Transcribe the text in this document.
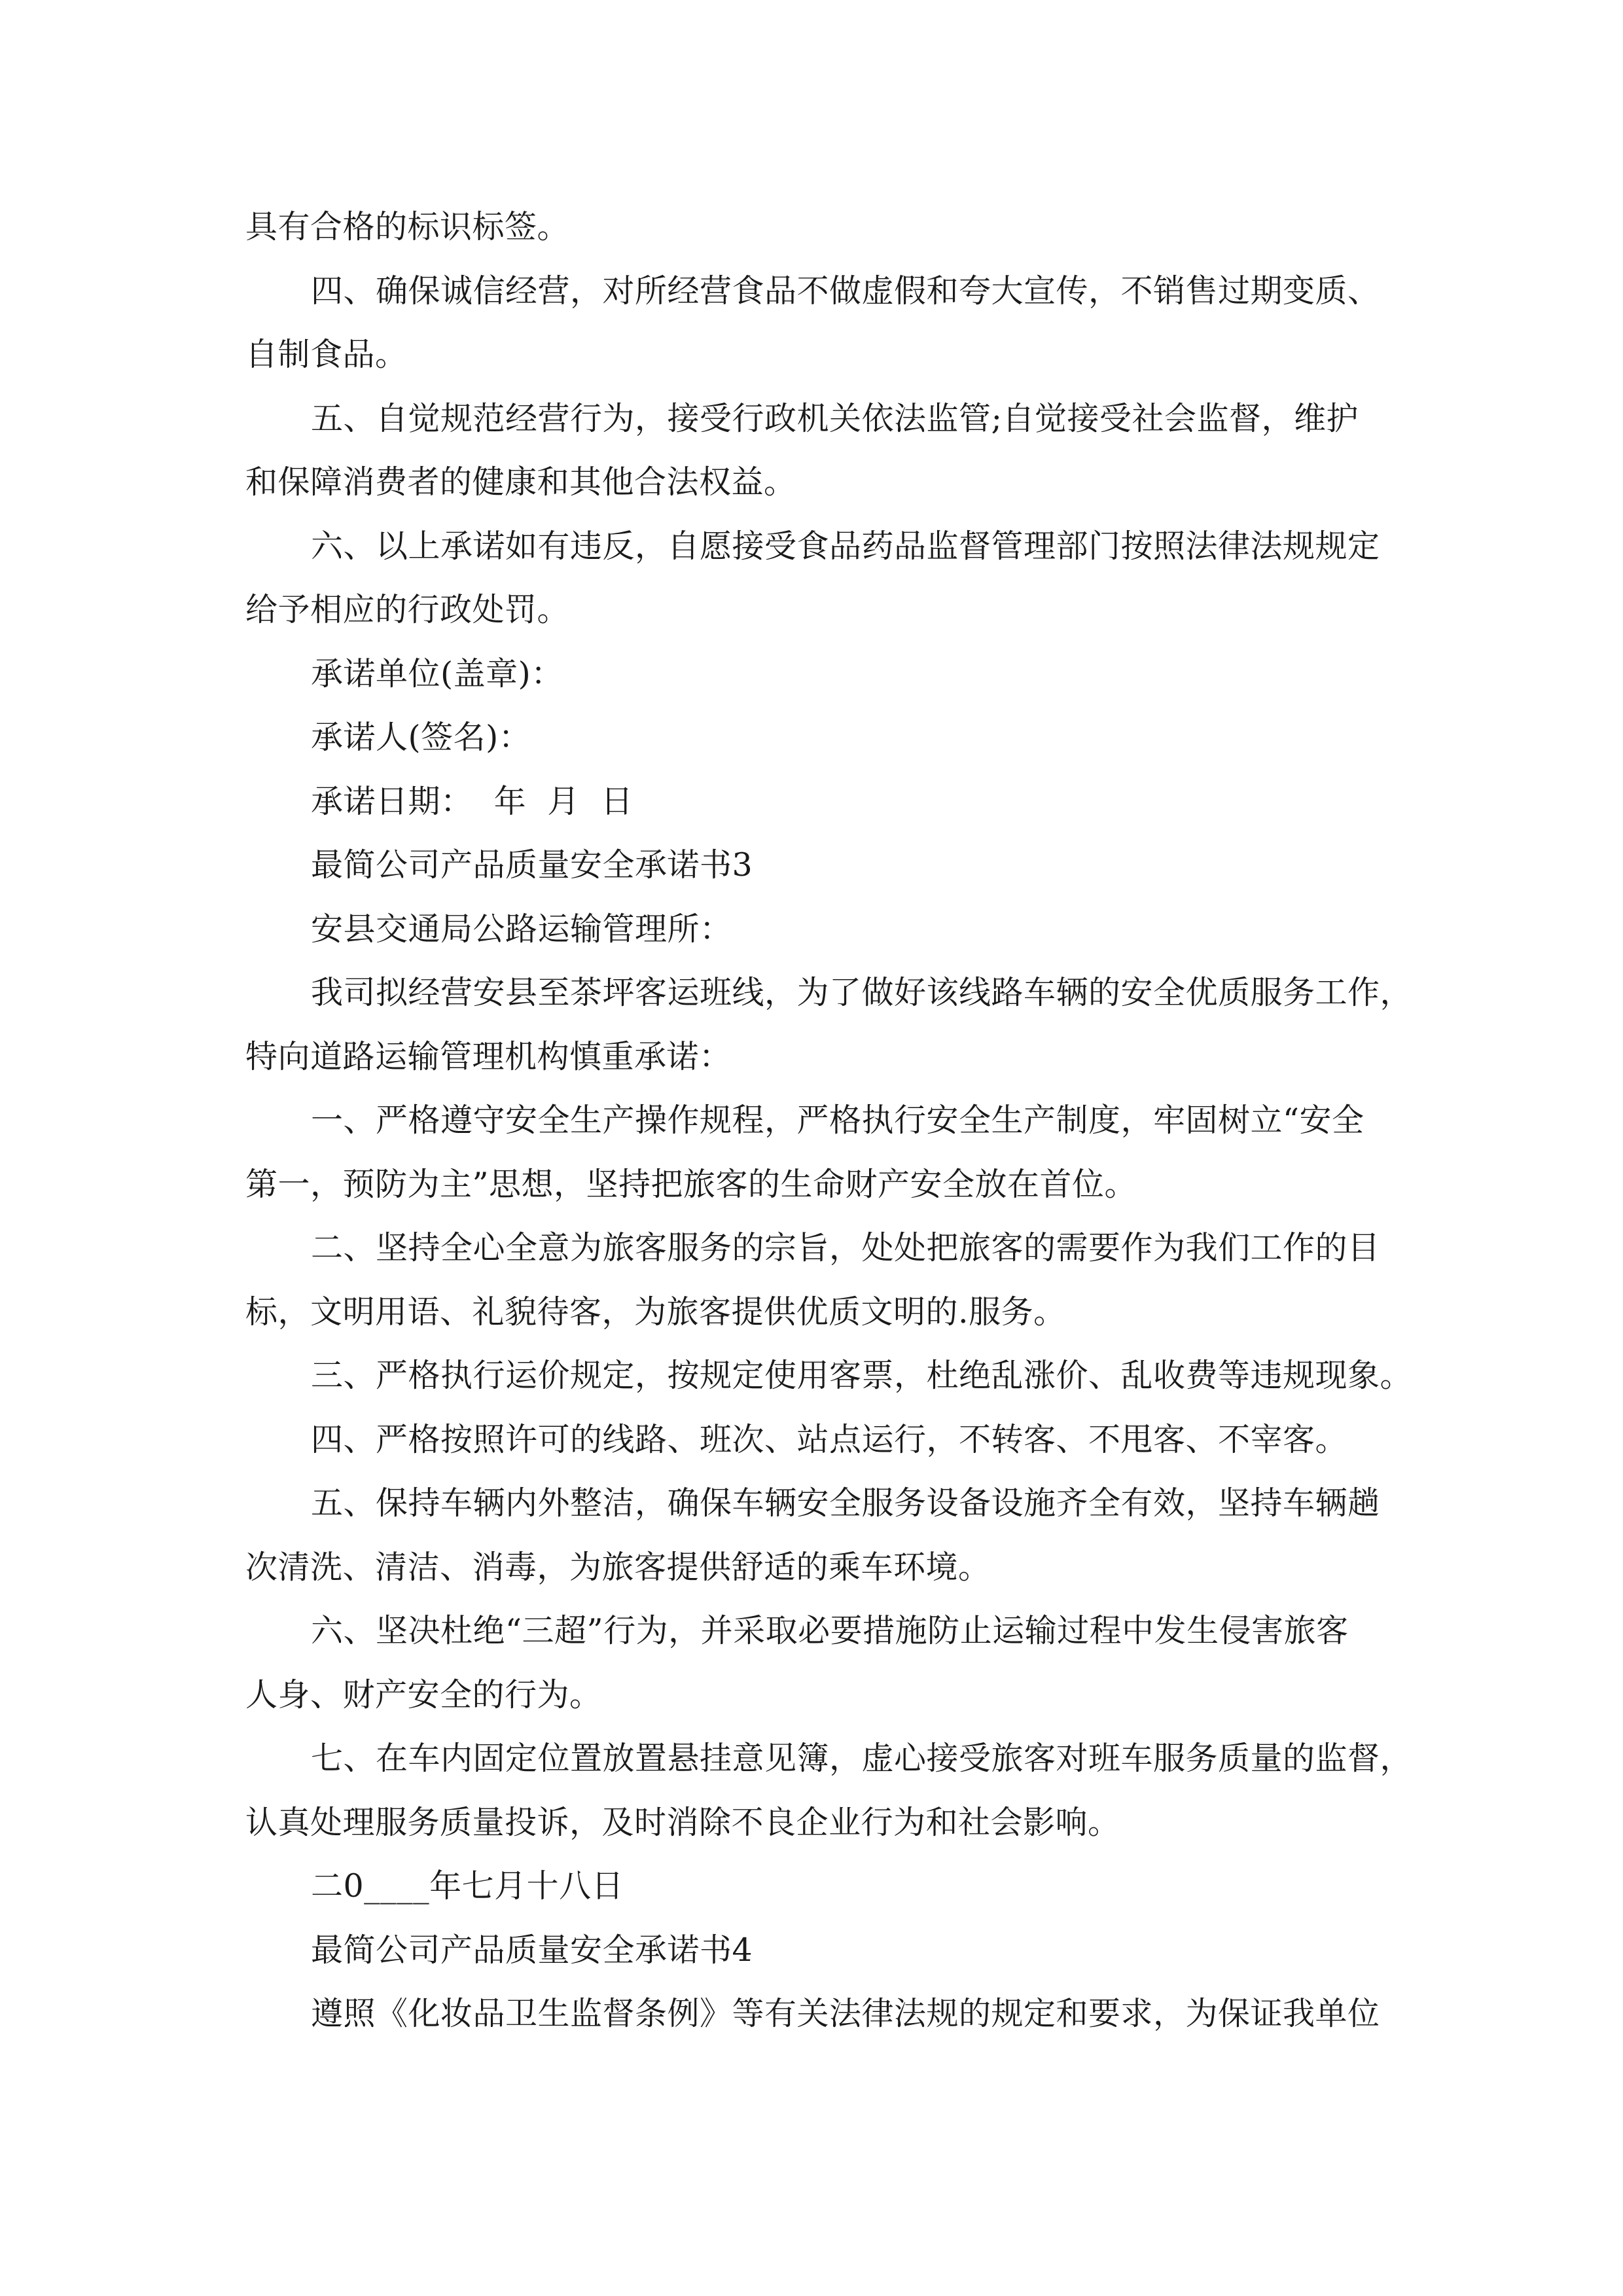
具有合格的标识标签。
四、确保诚信经营，对所经营食品不做虚假和夸大宣传，不销售过期变质、
自制食品。
五、自觉规范经营行为，接受行政机关依法监管;自觉接受社会监督，维护
和保障消费者的健康和其他合法权益。
六、以上承诺如有违反，自愿接受食品药品监督管理部门按照法律法规规定
给予相应的行政处罚。
承诺单位(盖章)：
承诺人(签名)：
承诺日期：  年  月  日
最简公司产品质量安全承诺书3
安县交通局公路运输管理所：
我司拟经营安县至茶坪客运班线，为了做好该线路车辆的安全优质服务工作，
特向道路运输管理机构慎重承诺：
一、严格遵守安全生产操作规程，严格执行安全生产制度，牢固树立“安全
第一，预防为主”思想，坚持把旅客的生命财产安全放在首位。
二、坚持全心全意为旅客服务的宗旨，处处把旅客的需要作为我们工作的目
标，文明用语、礼貌待客，为旅客提供优质文明的.服务。
三、严格执行运价规定，按规定使用客票，杜绝乱涨价、乱收费等违规现象。
四、严格按照许可的线路、班次、站点运行，不转客、不甩客、不宰客。
五、保持车辆内外整洁，确保车辆安全服务设备设施齐全有效，坚持车辆趟
次清洗、清洁、消毒，为旅客提供舒适的乘车环境。
六、坚决杜绝“三超”行为，并采取必要措施防止运输过程中发生侵害旅客
人身、财产安全的行为。
七、在车内固定位置放置悬挂意见簿，虚心接受旅客对班车服务质量的监督，
认真处理服务质量投诉，及时消除不良企业行为和社会影响。
二0____年七月十八日
最简公司产品质量安全承诺书4
遵照《化妆品卫生监督条例》等有关法律法规的规定和要求，为保证我单位
